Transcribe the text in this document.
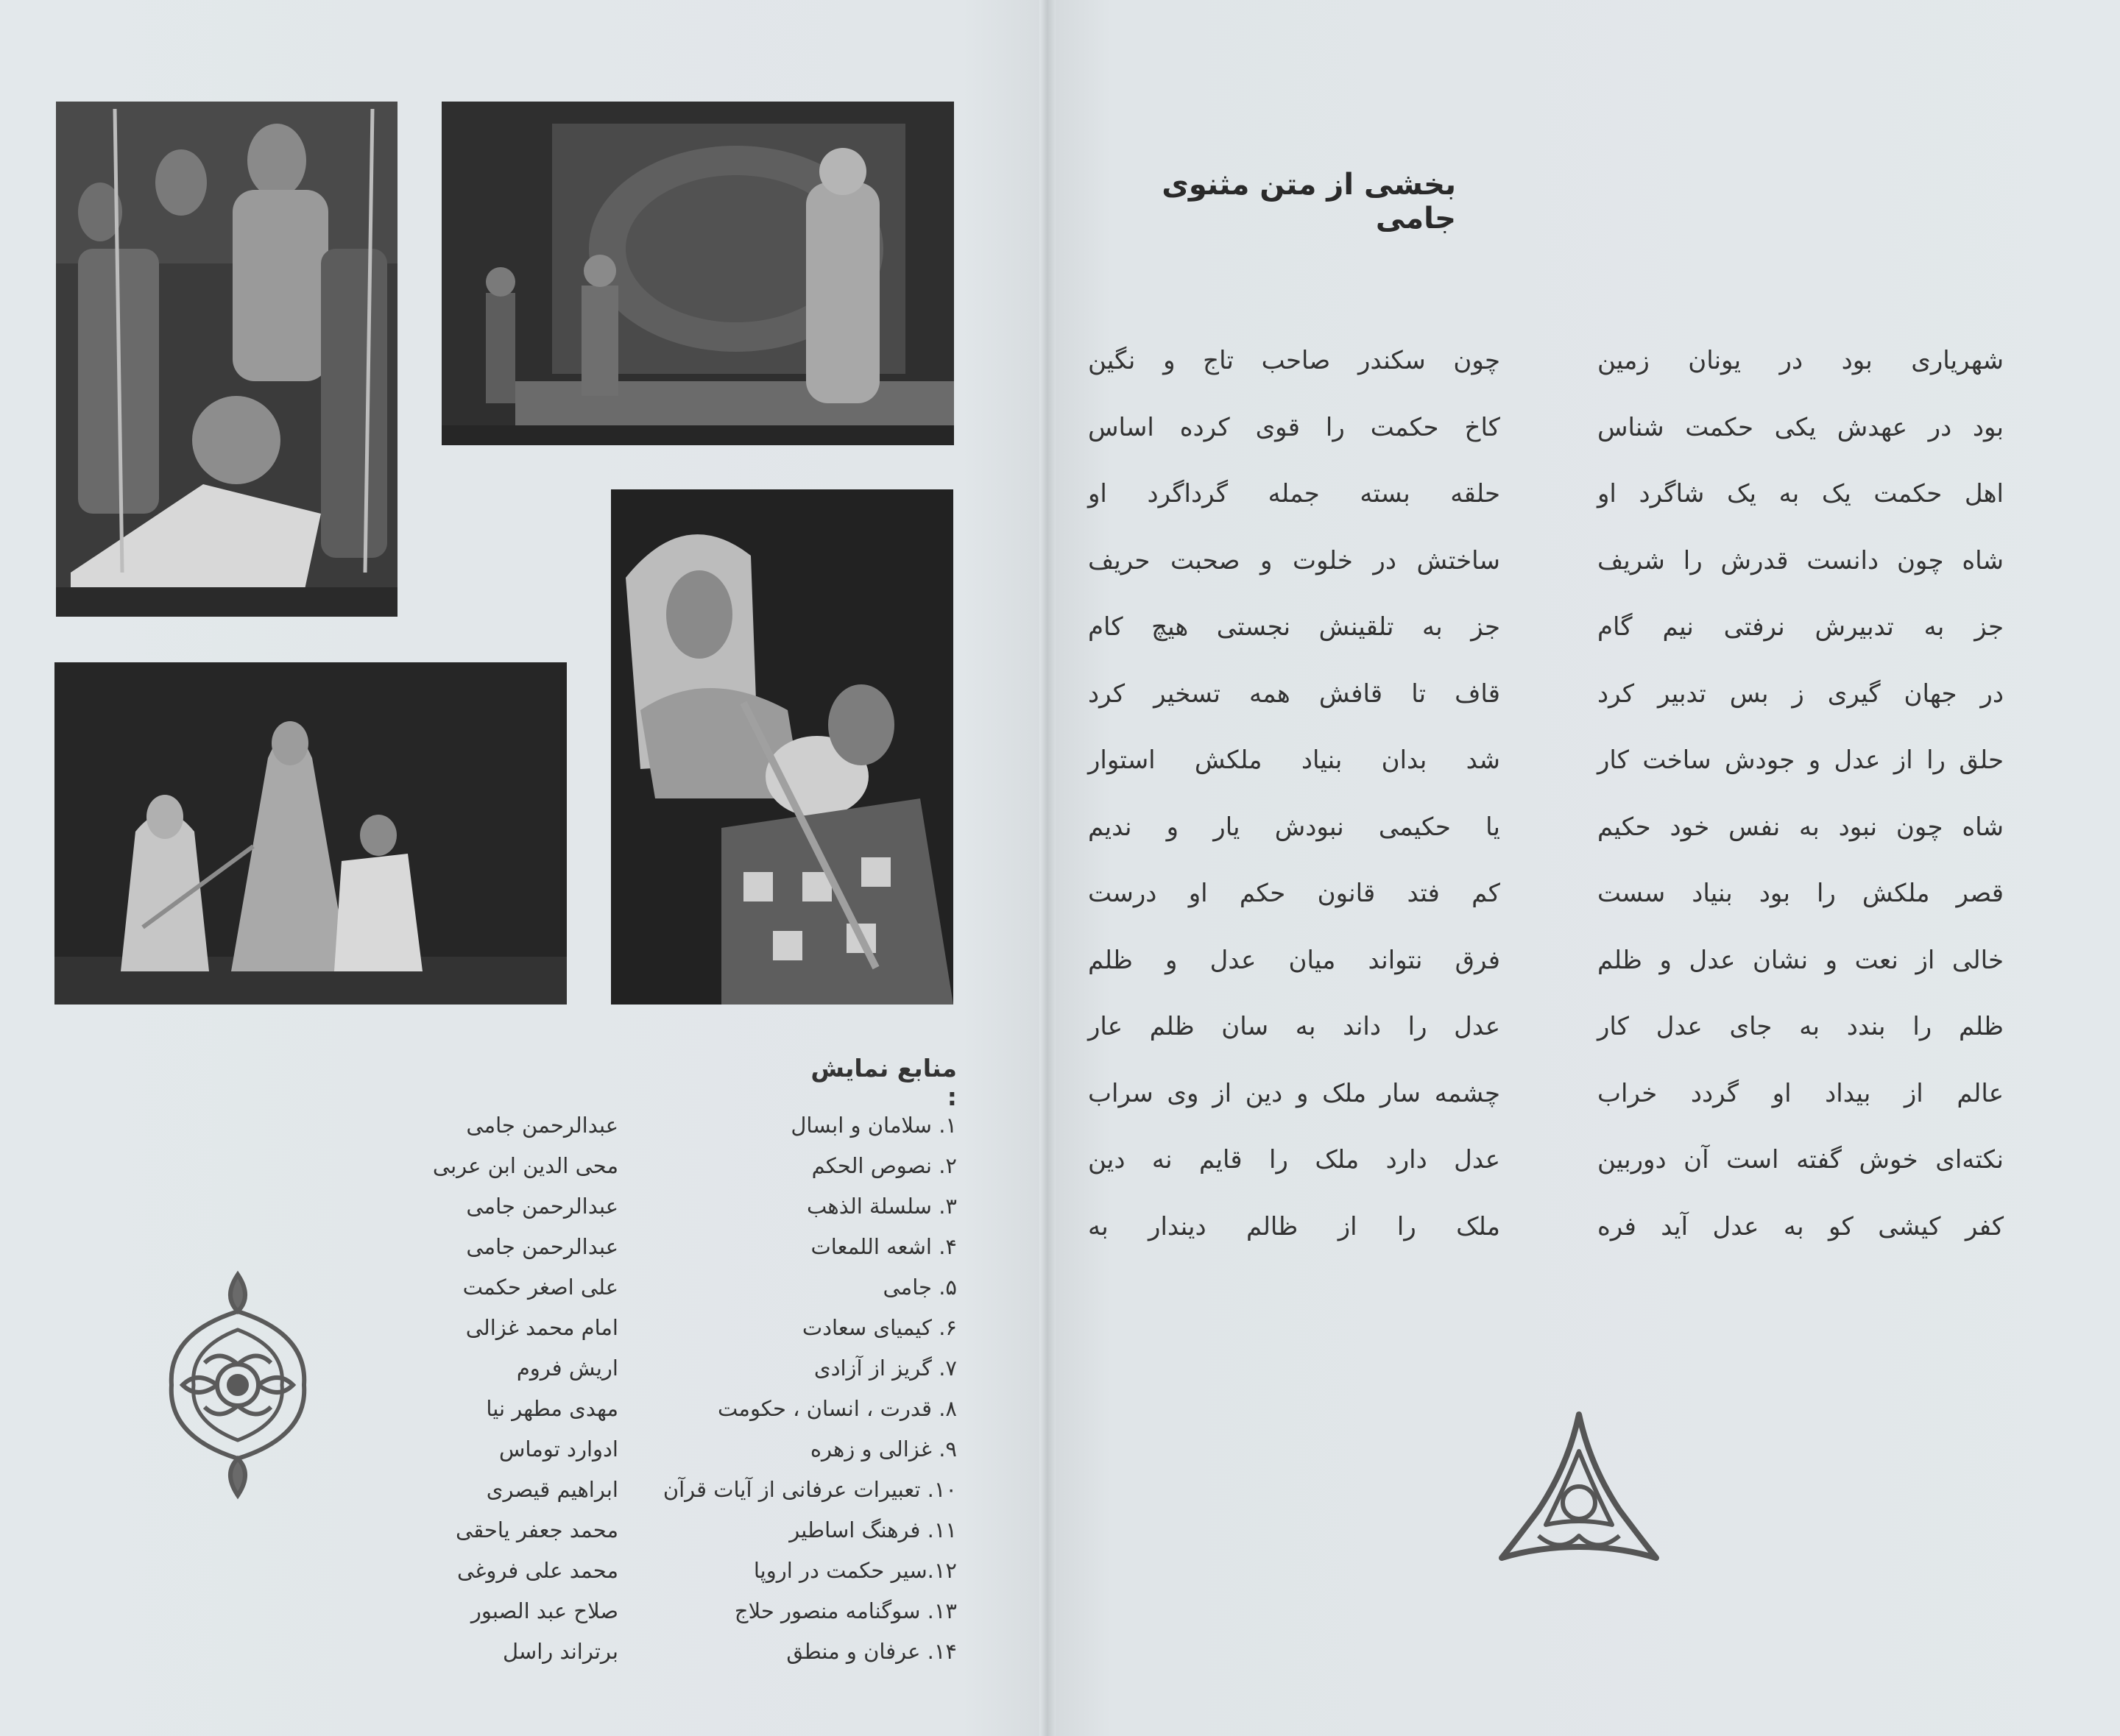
منابع نمایش :
۱. سلامان و ابسال
۲. نصوص الحکم
۳. سلسلة الذهب
۴. اشعه اللمعات
۵. جامی
۶. کیمیای سعادت
۷. گریز از آزادی
۸. قدرت ، انسان ، حکومت
۹. غزالی و زهره
۱۰. تعبیرات عرفانی از آیات قرآن
۱۱. فرهنگ اساطیر
۱۲.سیر حکمت در اروپا
۱۳. سوگنامه منصور حلاج
۱۴. عرفان و منطق
عبدالرحمن جامی
محی الدین ابن عربی
عبدالرحمن جامی
عبدالرحمن جامی
علی اصغر حکمت
امام محمد غزالی
اریش فروم
مهدی مطهر نیا
ادوارد توماس
ابراهیم قیصری
محمد جعفر یاحقی
محمد علی فروغی
صلاح عبد الصبور
برتراند راسل
بخشی از متن مثنوی جامی
شهریاری بود در یونان زمین
بود در عهدش یکی حکمت شناس
اهل حکمت یک به یک شاگرد او
شاه چون دانست قدرش را شریف
جز به تدبیرش نرفتی نیم گام
در جهان گیری ز بس تدبیر کرد
حلق را از عدل و جودش ساخت کار
شاه چون نبود به نفس خود حکیم
قصر ملکش را بود بنیاد سست
خالی از نعت و نشان عدل و ظلم
ظلم را بندد به جای عدل کار
عالم از بیداد او گردد خراب
نکته‌ای خوش گفته است آن دوربین
کفر کیشی کو به عدل آید فره
چون سکندر صاحب تاج و نگین
کاخ حکمت را قوی کرده اساس
حلقه بسته جمله گرداگرد او
ساختش در خلوت و صحبت حریف
جز به تلقینش نجستی هیچ کام
قاف تا قافش همه تسخیر کرد
شد بدان بنیاد ملکش استوار
یا حکیمی نبودش یار و ندیم
کم فتد قانون حکم او درست
فرق نتواند میان عدل و ظلم
عدل را داند به سان ظلم عار
چشمه سار ملک و دین از وی سراب
عدل دارد ملک را قایم نه دین
ملک را از ظالم دیندار به
